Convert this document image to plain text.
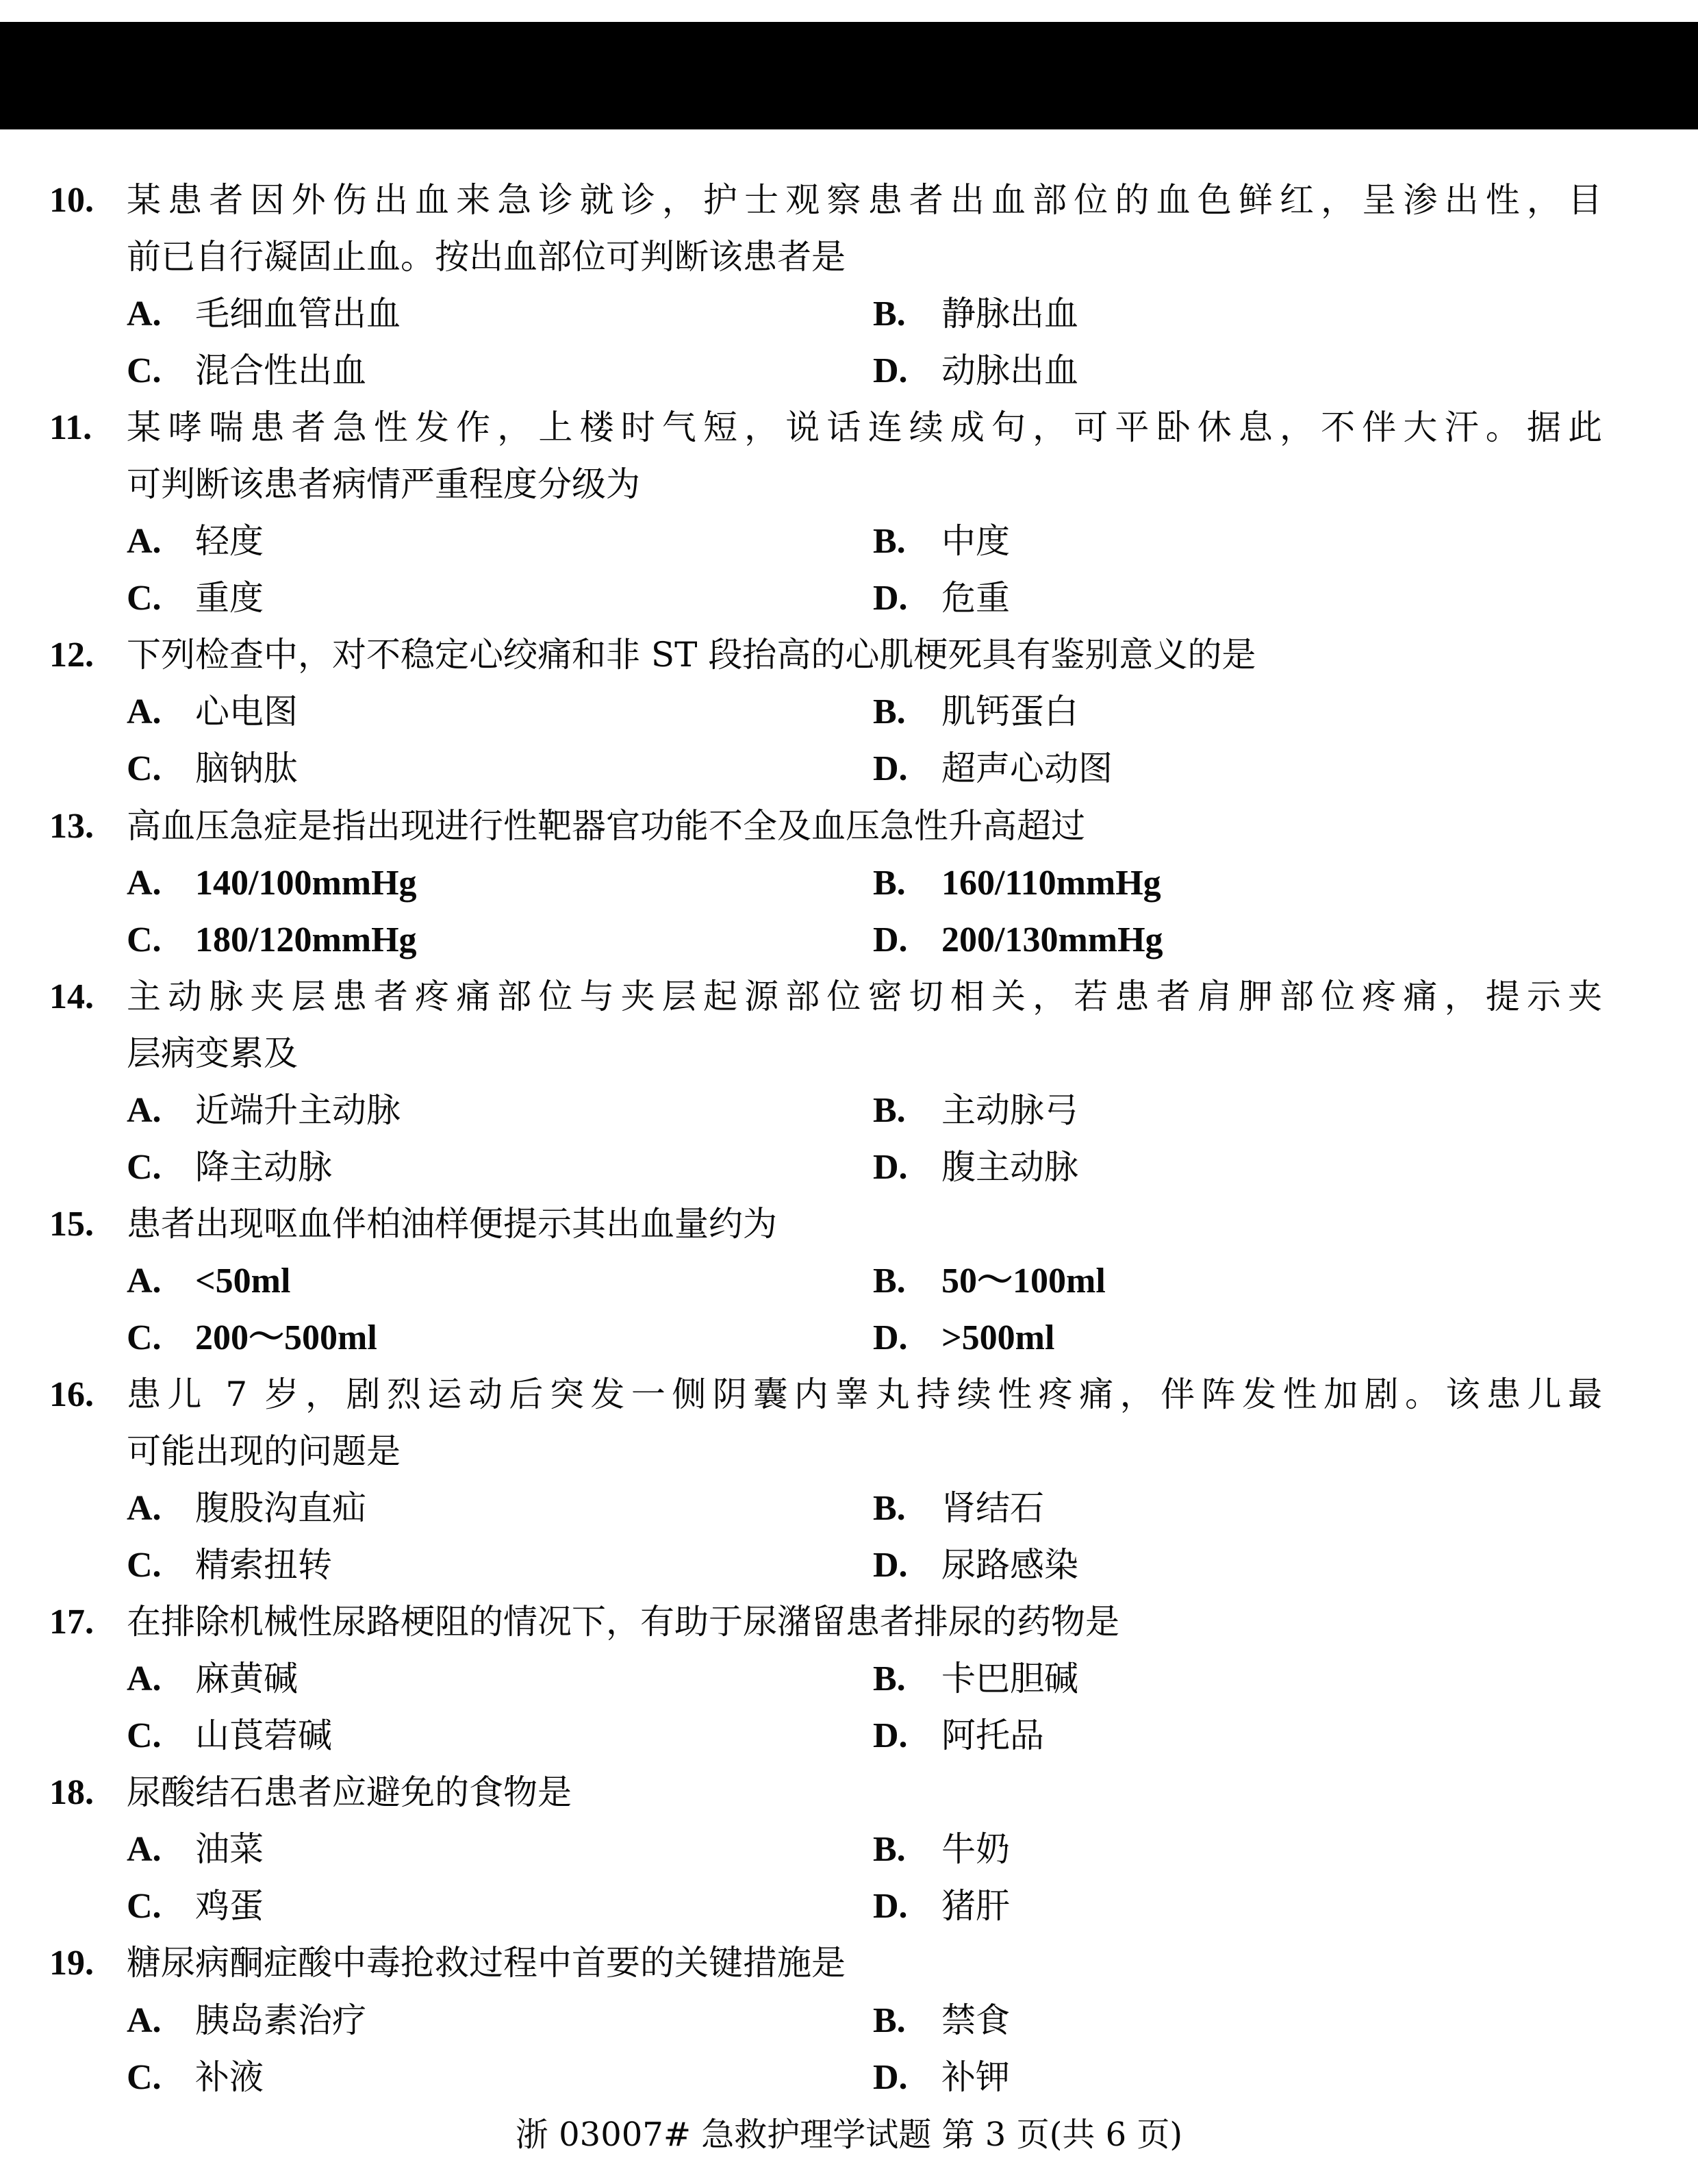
10. 某患者因外伤出血来急诊就诊，护士观察患者出血部位的血色鲜红，呈渗出性，目
前已自行凝固止血。按出血部位可判断该患者是
A. 毛细血管出血	B. 静脉出血
C. 混合性出血	D. 动脉出血
11. 某哮喘患者急性发作，上楼时气短，说话连续成句，可平卧休息，不伴大汗。据此
可判断该患者病情严重程度分级为
A. 轻度	B. 中度
C. 重度	D. 危重
12. 下列检查中，对不稳定心绞痛和非 ST 段抬高的心肌梗死具有鉴别意义的是
A. 心电图	B. 肌钙蛋白
C. 脑钠肽	D. 超声心动图
13. 高血压急症是指出现进行性靶器官功能不全及血压急性升高超过
A. 140/100mmHg	B. 160/110mmHg
C. 180/120mmHg	D. 200/130mmHg
14. 主动脉夹层患者疼痛部位与夹层起源部位密切相关，若患者肩胛部位疼痛，提示夹
层病变累及
A. 近端升主动脉	B. 主动脉弓
C. 降主动脉	D. 腹主动脉
15. 患者出现呕血伴柏油样便提示其出血量约为
A. <50ml	B. 50～100ml
C. 200～500ml	D. >500ml
16. 患儿 7 岁，剧烈运动后突发一侧阴囊内睾丸持续性疼痛，伴阵发性加剧。该患儿最
可能出现的问题是
A. 腹股沟直疝	B. 肾结石
C. 精索扭转	D. 尿路感染
17. 在排除机械性尿路梗阻的情况下，有助于尿潴留患者排尿的药物是
A. 麻黄碱	B. 卡巴胆碱
C. 山莨菪碱	D. 阿托品
18. 尿酸结石患者应避免的食物是
A. 油菜	B. 牛奶
C. 鸡蛋	D. 猪肝
19. 糖尿病酮症酸中毒抢救过程中首要的关键措施是
A. 胰岛素治疗	B. 禁食
C. 补液	D. 补钾
浙 03007# 急救护理学试题 第 3 页(共 6 页)
